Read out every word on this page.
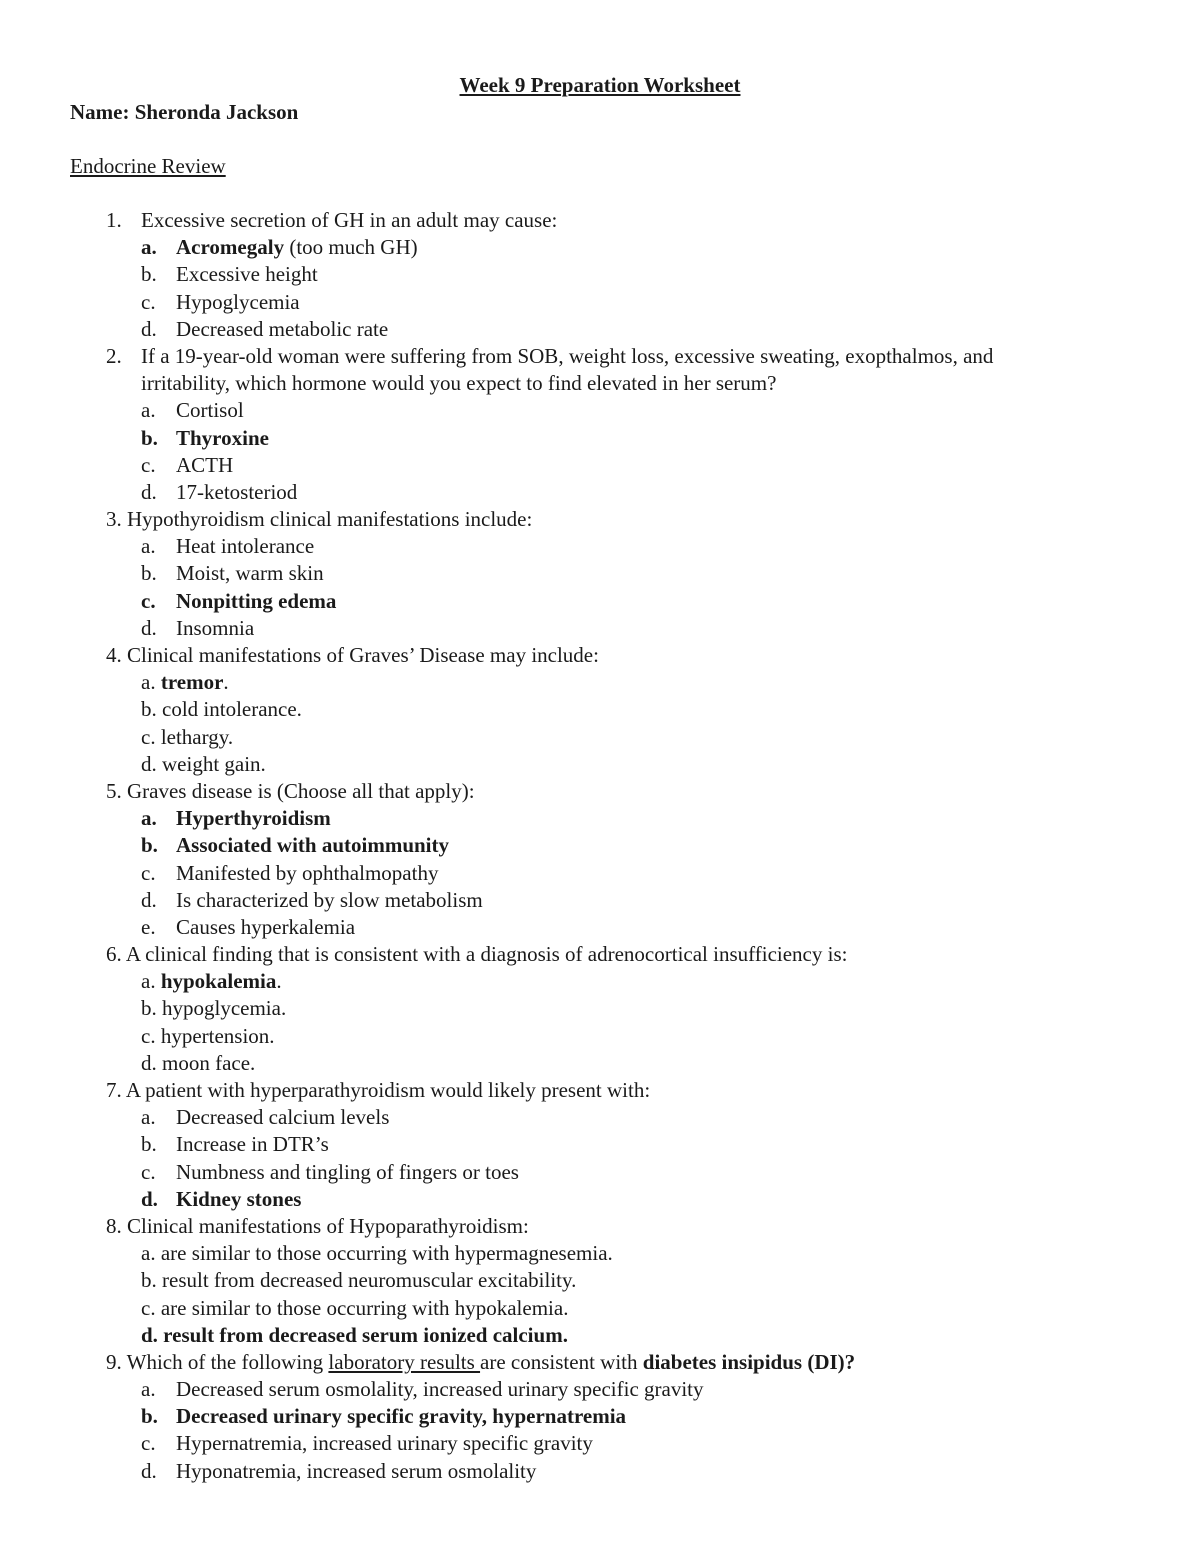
Week 9 Preparation Worksheet
Name: Sheronda Jackson
Endocrine Review
1. Excessive secretion of GH in an adult may cause:
a. Acromegaly (too much GH)
b. Excessive height
c. Hypoglycemia
d. Decreased metabolic rate
2. If a 19-year-old woman were suffering from SOB, weight loss, excessive sweating, exopthalmos, and
irritability, which hormone would you expect to find elevated in her serum?
a. Cortisol
b. Thyroxine
c. ACTH
d. 17-ketosteriod
3. Hypothyroidism clinical manifestations include:
a. Heat intolerance
b. Moist, warm skin
c. Nonpitting edema
d. Insomnia
4. Clinical manifestations of Graves’ Disease may include:
a. tremor.
b. cold intolerance.
c. lethargy.
d. weight gain.
5. Graves disease is (Choose all that apply):
a. Hyperthyroidism
b. Associated with autoimmunity
c. Manifested by ophthalmopathy
d. Is characterized by slow metabolism
e. Causes hyperkalemia
6. A clinical finding that is consistent with a diagnosis of adrenocortical insufficiency is:
a. hypokalemia.
b. hypoglycemia.
c. hypertension.
d. moon face.
7. A patient with hyperparathyroidism would likely present with:
a. Decreased calcium levels
b. Increase in DTR’s
c. Numbness and tingling of fingers or toes
d. Kidney stones
8. Clinical manifestations of Hypoparathyroidism:
a. are similar to those occurring with hypermagnesemia.
b. result from decreased neuromuscular excitability.
c. are similar to those occurring with hypokalemia.
d. result from decreased serum ionized calcium.
9. Which of the following laboratory results are consistent with diabetes insipidus (DI)?
a. Decreased serum osmolality, increased urinary specific gravity
b. Decreased urinary specific gravity, hypernatremia
c. Hypernatremia, increased urinary specific gravity
d. Hyponatremia, increased serum osmolality
